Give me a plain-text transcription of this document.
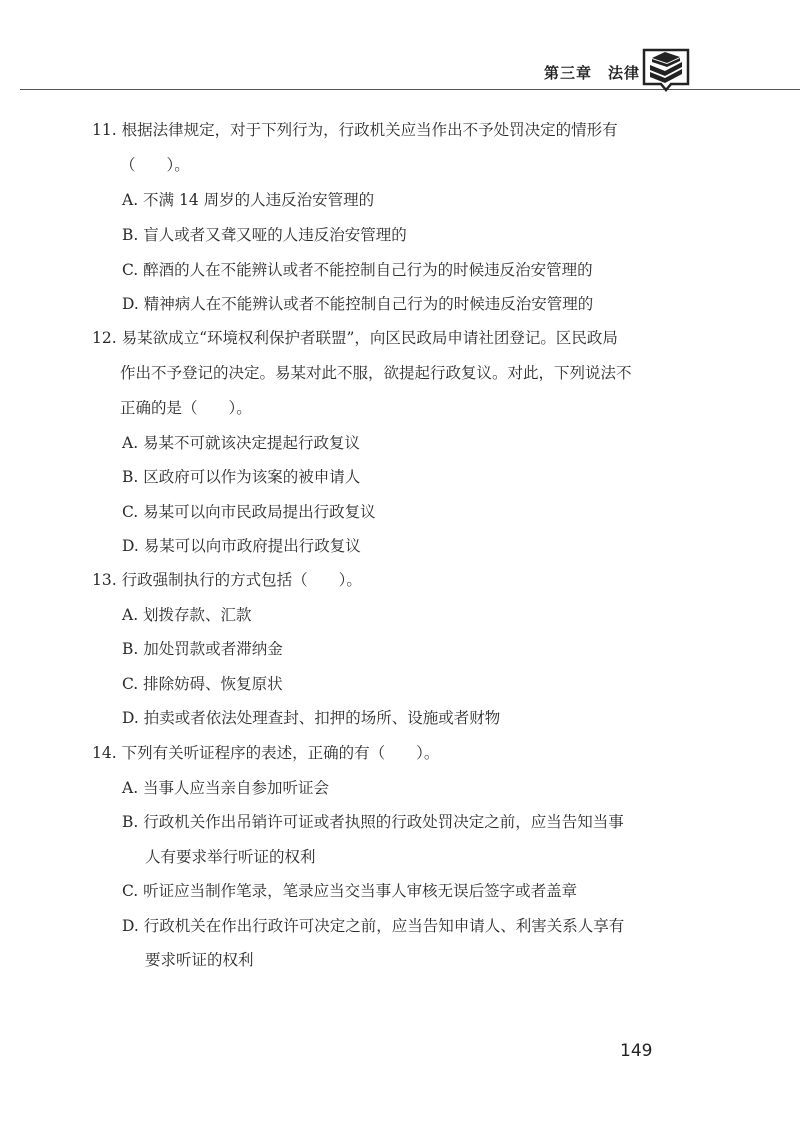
第三章　法律
11. 根据法律规定，对于下列行为，行政机关应当作出不予处罚决定的情形有
（　　）。
A. 不满 14 周岁的人违反治安管理的
B. 盲人或者又聋又哑的人违反治安管理的
C. 醉酒的人在不能辨认或者不能控制自己行为的时候违反治安管理的
D. 精神病人在不能辨认或者不能控制自己行为的时候违反治安管理的
12. 易某欲成立“环境权利保护者联盟”，向区民政局申请社团登记。区民政局
作出不予登记的决定。易某对此不服，欲提起行政复议。对此，下列说法不
正确的是（　　）。
A. 易某不可就该决定提起行政复议
B. 区政府可以作为该案的被申请人
C. 易某可以向市民政局提出行政复议
D. 易某可以向市政府提出行政复议
13. 行政强制执行的方式包括（　　）。
A. 划拨存款、汇款
B. 加处罚款或者滞纳金
C. 排除妨碍、恢复原状
D. 拍卖或者依法处理查封、扣押的场所、设施或者财物
14. 下列有关听证程序的表述，正确的有（　　）。
A. 当事人应当亲自参加听证会
B. 行政机关作出吊销许可证或者执照的行政处罚决定之前，应当告知当事
人有要求举行听证的权利
C. 听证应当制作笔录，笔录应当交当事人审核无误后签字或者盖章
D. 行政机关在作出行政许可决定之前，应当告知申请人、利害关系人享有
要求听证的权利
149
